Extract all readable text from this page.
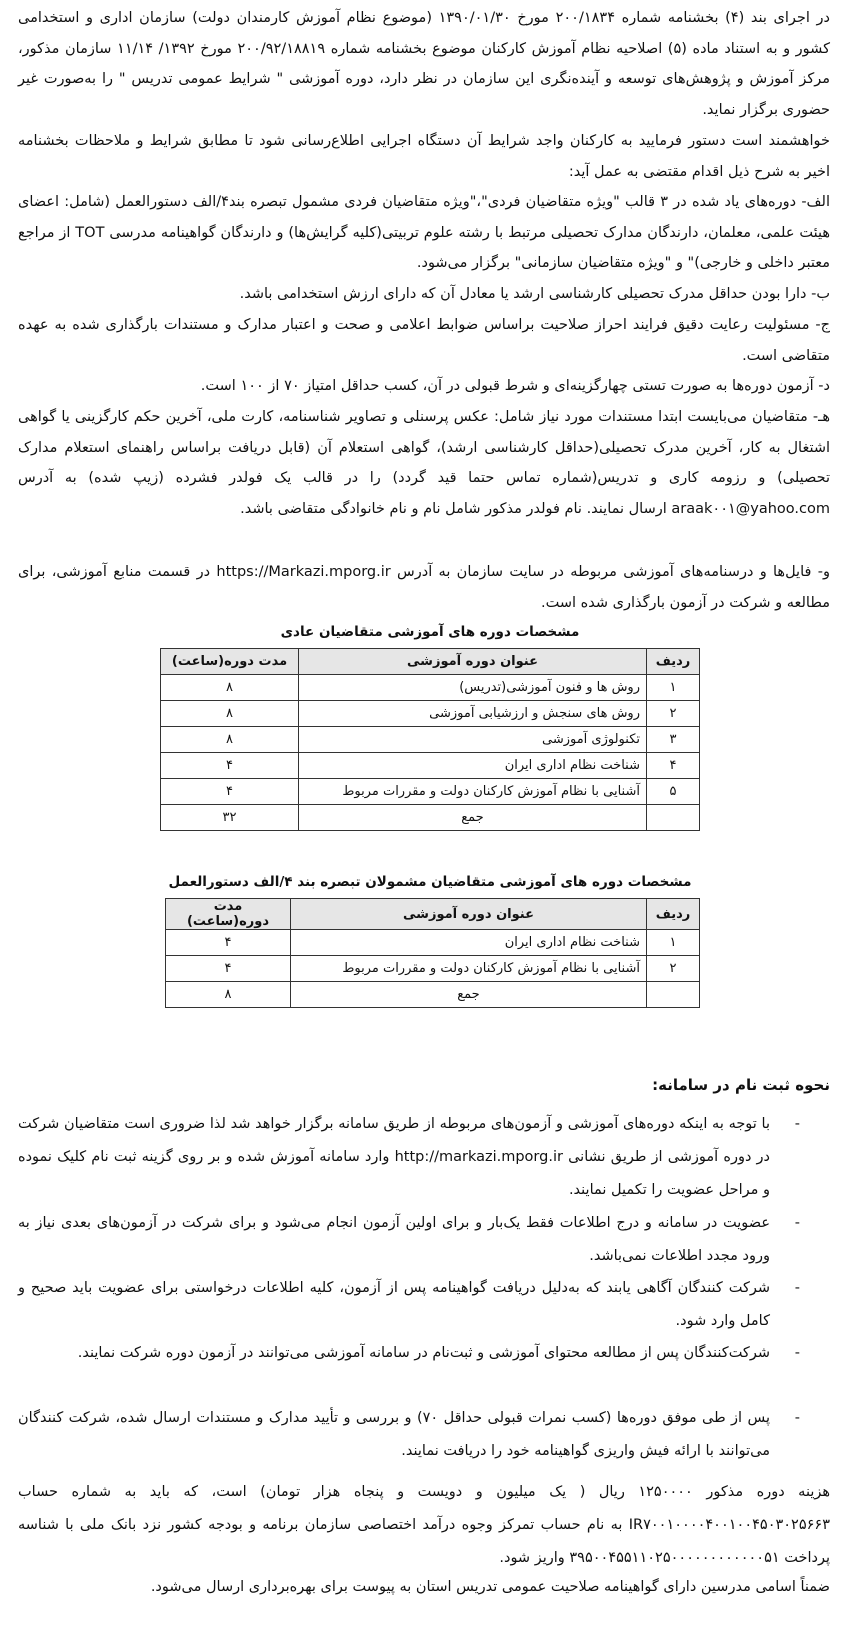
در اجرای بند (۴) بخشنامه شماره ۲۰۰/۱۸۳۴ مورخ ۱۳۹۰/۰۱/۳۰ (موضوع نظام آموزش کارمندان دولت) سازمان اداری و استخدامی کشور و به استناد ماده (۵) اصلاحیه نظام آموزش کارکنان موضوع بخشنامه شماره ۲۰۰/۹۲/۱۸۸۱۹ مورخ ۱۳۹۲/ ۱۱/۱۴ سازمان مذکور، مرکز آموزش و پژوهش‌های توسعه و آینده‌نگری این سازمان در نظر دارد، دوره آموزشی " شرایط عمومی تدریس " را به‌صورت غیر حضوری برگزار نماید.
خواهشمند است دستور فرمایید به کارکنان واجد شرایط آن دستگاه اجرایی اطلاع‌رسانی شود تا مطابق شرایط و ملاحظات بخشنامه اخیر به شرح ذیل اقدام مقتضی به عمل آید:
الف- دوره‌های یاد شده در ۳ قالب "ویژه متقاضیان فردی"،"ویژه متقاضیان فردی مشمول تبصره بند۴/الف دستورالعمل (شامل: اعضای هیئت علمی، معلمان، دارندگان مدارک تحصیلی مرتبط با رشته علوم تربیتی(کلیه گرایش‌ها) و دارندگان گواهینامه مدرسی TOT از مراجع معتبر داخلی و خارجی)" و "ویژه متقاضیان سازمانی" برگزار می‌شود.
ب- دارا بودن حداقل مدرک تحصیلی کارشناسی ارشد یا معادل آن که دارای ارزش استخدامی باشد.
ج- مسئولیت رعایت دقیق فرایند احراز صلاحیت براساس ضوابط اعلامی و صحت و اعتبار مدارک و مستندات بارگذاری شده به عهده متقاضی است.
د- آزمون دوره‌ها به صورت تستی چهارگزینه‌ای و شرط قبولی در آن، کسب حداقل امتیاز ۷۰ از ۱۰۰ است.
هـ- متقاضیان می‌بایست ابتدا مستندات مورد نیاز شامل: عکس پرسنلی و تصاویر شناسنامه، کارت ملی، آخرین حکم کارگزینی یا گواهی اشتغال به کار، آخرین مدرک تحصیلی(حداقل کارشناسی ارشد)، گواهی استعلام آن (قابل دریافت براساس راهنمای استعلام مدارک تحصیلی) و رزومه کاری و تدریس(شماره تماس حتما قید گردد) را در قالب یک فولدر فشرده (زیپ شده) به آدرس araak۰۰۱@yahoo.com ارسال نمایند. نام فولدر مذکور شامل نام و نام خانوادگی متقاضی باشد.
و- فایل‌ها و درسنامه‌های آموزشی مربوطه در سایت سازمان به آدرس https://Markazi.mporg.ir در قسمت منابع آموزشی، برای مطالعه و شرکت در آزمون بارگذاری شده است.
مشخصات دوره های آموزشی متقاضیان عادی
ردیف	عنوان دوره آموزشی	مدت دوره(ساعت)
۱	روش ها و فنون آموزشی(تدریس)	۸
۲	روش های سنجش و ارزشیابی آموزشی	۸
۳	تکنولوژی آموزشی	۸
۴	شناخت نظام اداری ایران	۴
۵	آشنایی با نظام آموزش کارکنان دولت و مقررات مربوط	۴
	جمع	۳۲
مشخصات دوره های آموزشی متقاضیان مشمولان تبصره بند ۴/الف دستورالعمل
ردیف	عنوان دوره آموزشی	مدت دوره(ساعت)
۱	شناخت نظام اداری ایران	۴
۲	آشنایی با نظام آموزش کارکنان دولت و مقررات مربوط	۴
	جمع	۸
نحوه ثبت نام در سامانه:
-
با توجه به اینکه دوره‌های آموزشی و آزمون‌های مربوطه از طریق سامانه برگزار خواهد شد لذا ضروری است متقاضیان شرکت در دوره آموزشی از طریق نشانی http://markazi.mporg.ir وارد سامانه آموزش شده و بر روی گزینه ثبت نام کلیک نموده و مراحل عضویت را تکمیل نمایند.
-
عضویت در سامانه و درج اطلاعات فقط یک‌بار و برای اولین آزمون انجام می‌شود و برای شرکت در آزمون‌های بعدی نیاز به ورود مجدد اطلاعات نمی‌باشد.
-
شرکت کنندگان آگاهی یابند که به‌دلیل دریافت گواهینامه پس از آزمون، کلیه اطلاعات درخواستی برای عضویت باید صحیح و کامل وارد شود.
-
شرکت‌کنندگان پس از مطالعه محتوای آموزشی و ثبت‌نام در سامانه آموزشی می‌توانند در آزمون دوره شرکت نمایند.
-
پس از طی موفق دوره‌ها (کسب نمرات قبولی حداقل ۷۰) و بررسی و تأیید مدارک و مستندات ارسال شده، شرکت کنندگان می‌توانند با ارائه فیش واریزی گواهینامه خود را دریافت نمایند.
هزینه دوره مذکور ۱۲۵۰۰۰۰ ریال ( یک میلیون و دویست و پنجاه هزار تومان) است، که باید به شماره حساب IR۷۰۰۱۰۰۰۰۴۰۰۱۰۰۴۵۰۳۰۲۵۶۶۳ به نام حساب تمرکز وجوه درآمد اختصاصی سازمان برنامه و بودجه کشور نزد بانک ملی با شناسه پرداخت ۳۹۵۰۰۴۵۵۱۱۰۲۵۰۰۰۰۰۰۰۰۰۰۰۰۵۱ واریز شود.
ضمناً اسامی مدرسین دارای گواهینامه صلاحیت عمومی تدریس استان به پیوست برای بهره‌برداری ارسال می‌شود.
